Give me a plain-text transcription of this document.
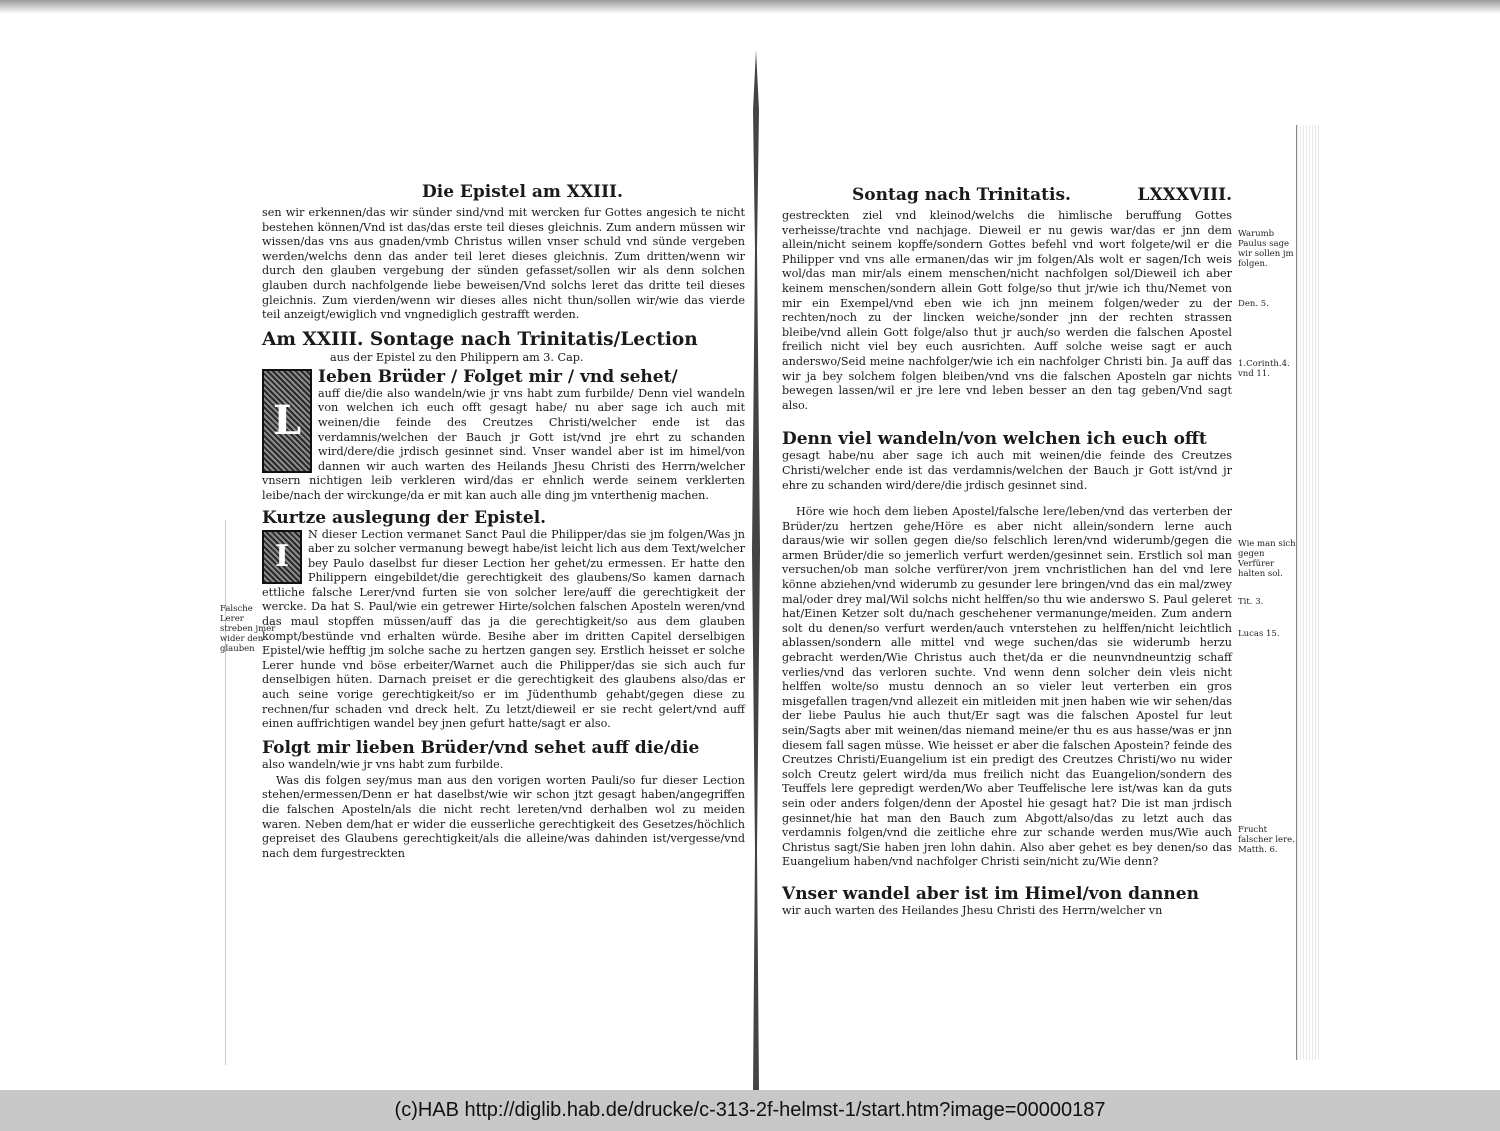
Die Epistel am XXIII.

sen wir erkennen/das wir sünder sind/vnd mit wercken fur Gottes angesich te nicht bestehen können/Vnd ist das/das erste teil dieses gleichnis. Zum andern müssen wir wissen/das vns aus gnaden/vmb Christus willen vnser schuld vnd sünde vergeben werden/welchs denn das ander teil leret dieses gleichnis. Zum dritten/wenn wir durch den glauben vergebung der sünden gefasset/sollen wir als denn solchen glauben durch nachfolgende liebe beweisen/Vnd solchs leret das dritte teil dieses gleichnis. Zum vierden/wenn wir dieses alles nicht thun/sollen wir/wie das vierde teil anzeigt/ewiglich vnd vngnediglich gestrafft werden.

Am XXIII. Sontage nach Trinitatis/Lection
aus der Epistel zu den Philippern am 3. Cap.
L
Ieben Brüder / Folget mir / vnd sehet/

auff die/die also wandeln/wie jr vns habt zum furbilde/ Denn viel wandeln von welchen ich euch offt gesagt habe/ nu aber sage ich auch mit weinen/die feinde des Creutzes Christi/welcher ende ist das verdamnis/welchen der Bauch jr Gott ist/vnd jre ehrt zu schanden wird/dere/die jrdisch gesinnet sind. Vnser wandel aber ist im himel/von dannen wir auch warten des Heilands Jhesu Christi des Herrn/welcher vnsern nichtigen leib verkleren wird/das er ehnlich werde seinem verklerten leibe/nach der wirckunge/da er mit kan auch alle ding jm vnterthenig machen.

Kurtze auslegung der Epistel.
I

N dieser Lection vermanet Sanct Paul die Philipper/das sie jm folgen/Was jn aber zu solcher vermanung bewegt habe/ist leicht lich aus dem Text/welcher bey Paulo daselbst fur dieser Lection her gehet/zu ermessen. Er hatte den Philippern eingebildet/die gerechtigkeit des glaubens/So kamen darnach ettliche falsche Lerer/vnd furten sie von solcher lere/auff die gerechtigkeit der wercke. Da hat S. Paul/wie ein getrewer Hirte/solchen falschen Aposteln weren/vnd das maul stopffen müssen/auff das ja die gerechtigkeit/so aus dem glauben kompt/bestünde vnd erhalten würde. Besihe aber im dritten Capitel derselbigen Epistel/wie hefftig jm solche sache zu hertzen gangen sey. Erstlich heisset er solche Lerer hunde vnd böse erbeiter/Warnet auch die Philipper/das sie sich auch fur denselbigen hüten. Darnach preiset er die gerechtigkeit des glaubens also/das er auch seine vorige gerechtigkeit/so er im Jüdenthumb gehabt/gegen diese zu rechnen/fur schaden vnd dreck helt. Zu letzt/dieweil er sie recht gelert/vnd auff einen auffrichtigen wandel bey jnen gefurt hatte/sagt er also.

Falsche Lerer streben jmer wider den glauben
Folgt mir lieben Brüder/vnd sehet auff die/die
also wandeln/wie jr vns habt zum furbilde.

Was dis folgen sey/mus man aus den vorigen worten Pauli/so fur dieser Lection stehen/ermessen/Denn er hat daselbst/wie wir schon jtzt gesagt haben/angegriffen die falschen Aposteln/als die nicht recht lereten/vnd derhalben wol zu meiden waren. Neben dem/hat er wider die eusserliche gerechtigkeit des Gesetzes/höchlich gepreiset des Glaubens gerechtigkeit/als die alleine/was dahinden ist/vergesse/vnd nach dem furgestreckten

Sontag nach Trinitatis.	LXXXVIII.

gestreckten ziel vnd kleinod/welchs die himlische beruffung Gottes verheisse/trachte vnd nachjage. Dieweil er nu gewis war/das er jnn dem allein/nicht seinem kopffe/sondern Gottes befehl vnd wort folgete/wil er die Philipper vnd vns alle ermanen/das wir jm folgen/Als wolt er sagen/Ich weis wol/das man mir/als einem menschen/nicht nachfolgen sol/Dieweil ich aber keinem menschen/sondern allein Gott folge/so thut jr/wie ich thu/Nemet von mir ein Exempel/vnd eben wie ich jnn meinem folgen/weder zu der rechten/noch zu der lincken weiche/sonder jnn der rechten strassen bleibe/vnd allein Gott folge/also thut jr auch/so werden die falschen Apostel freilich nicht viel bey euch ausrichten. Auff solche weise sagt er auch anderswo/Seid meine nachfolger/wie ich ein nachfolger Christi bin. Ja auff das wir ja bey solchem folgen bleiben/vnd vns die falschen Aposteln gar nichts bewegen lassen/wil er jre lere vnd leben besser an den tag geben/Vnd sagt also.

Warumb Paulus sage wir sollen jm folgen.
Den. 5.
1.Corinth.4. vnd 11.
Denn viel wandeln/von welchen ich euch offt

gesagt habe/nu aber sage ich auch mit weinen/die feinde des Creutzes Christi/welcher ende ist das verdamnis/welchen der Bauch jr Gott ist/vnd jr ehre zu schanden wird/dere/die jrdisch gesinnet sind.

Höre wie hoch dem lieben Apostel/falsche lere/leben/vnd das verterben der Brüder/zu hertzen gehe/Höre es aber nicht allein/sondern lerne auch daraus/wie wir sollen gegen die/so felschlich leren/vnd widerumb/gegen die armen Brüder/die so jemerlich verfurt werden/gesinnet sein. Erstlich sol man versuchen/ob man solche verfürer/von jrem vnchristlichen han del vnd lere könne abziehen/vnd widerumb zu gesunder lere bringen/vnd das ein mal/zwey mal/oder drey mal/Wil solchs nicht helffen/so thu wie anderswo S. Paul geleret hat/Einen Ketzer solt du/nach geschehener vermanunge/meiden. Zum andern solt du denen/so verfurt werden/auch vnterstehen zu helffen/nicht leichtlich ablassen/sondern alle mittel vnd wege suchen/das sie widerumb herzu gebracht werden/Wie Christus auch thet/da er die neunvndneuntzig schaff verlies/vnd das verloren suchte. Vnd wenn denn solcher dein vleis nicht helffen wolte/so mustu dennoch an so vieler leut verterben ein gros misgefallen tragen/vnd allezeit ein mitleiden mit jnen haben wie wir sehen/das der liebe Paulus hie auch thut/Er sagt was die falschen Apostel fur leut sein/Sagts aber mit weinen/das niemand meine/er thu es aus hasse/was er jnn diesem fall sagen müsse. Wie heisset er aber die falschen Apostein? feinde des Creutzes Christi/Euangelium ist ein predigt des Creutzes Christi/wo nu wider solch Creutz gelert wird/da mus freilich nicht das Euangelion/sondern des Teuffels lere gepredigt werden/Wo aber Teuffelische lere ist/was kan da guts sein oder anders folgen/denn der Apostel hie gesagt hat? Die ist man jrdisch gesinnet/hie hat man den Bauch zum Abgott/also/das zu letzt auch das verdamnis folgen/vnd die zeitliche ehre zur schande werden mus/Wie auch Christus sagt/Sie haben jren lohn dahin. Also aber gehet es bey denen/so das Euangelium haben/vnd nachfolger Christi sein/nicht zu/Wie denn?

Wie man sich gegen Verfürer halten sol.
Tit. 3.
Lucas 15.
Frucht falscher lere. Matth. 6.
Vnser wandel aber ist im Himel/von dannen

wir auch warten des Heilandes Jhesu Christi des Herrn/welcher vn

(c)HAB http://diglib.hab.de/drucke/c-313-2f-helmst-1/start.htm?image=00000187
